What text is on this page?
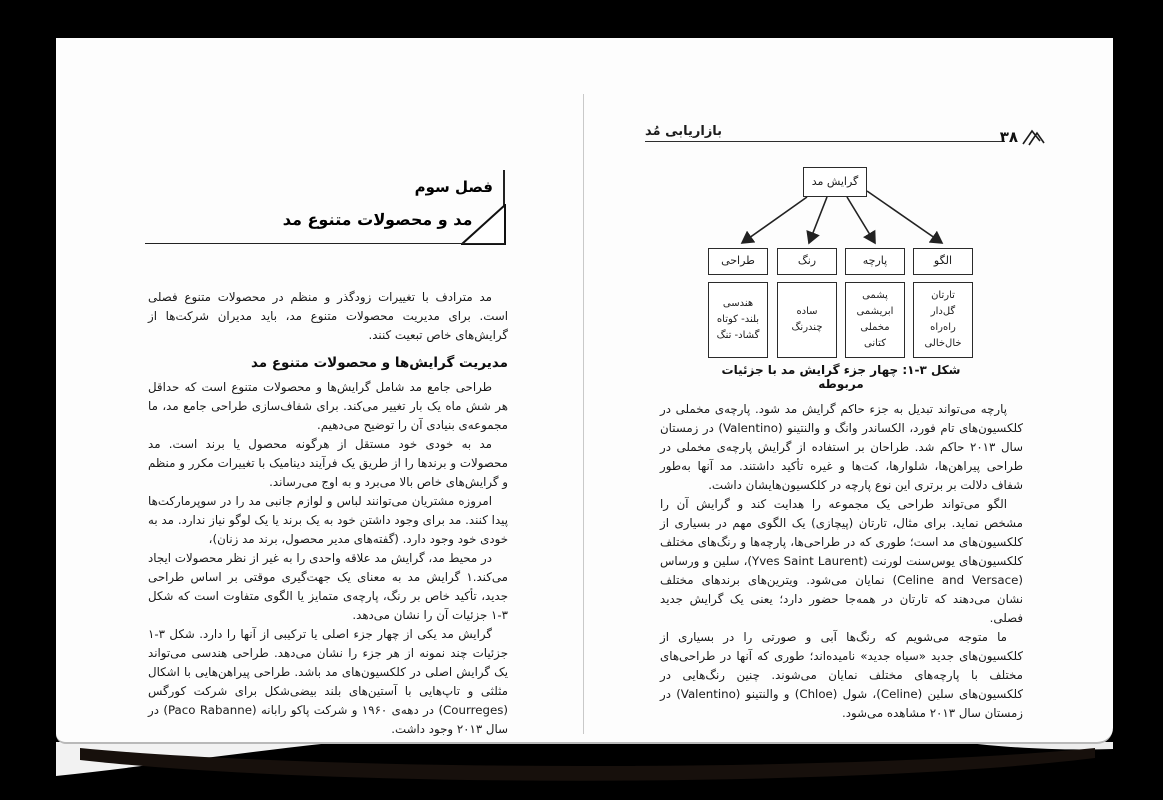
بازاریابی مُد	۳۸
گرایش مد
طراحی	رنگ	پارچه	الگو
هندسی
بلند- کوتاه
گشاد- تنگ
ساده
چندرنگ
پشمی
ابریشمی
مخملی
کتانی
تارتان
گل‌دار
راه‌راه
خال‌خالی
شکل ۳-۱: چهار جزء گرایش مد با جزئیات مربوطه

پارچه می‌تواند تبدیل به جزء حاکم گرایش مد شود. پارچه‌ی مخملی در کلکسیون‌های تام فورد، الکساندر وانگ و والنتینو (Valentino) در زمستان سال ۲۰۱۳ حاکم شد. طراحان بر استفاده از گرایش پارچه‌ی مخملی در طراحی پیراهن‌ها، شلوارها، کت‌ها و غیره تأکید داشتند. مد آنها به‌طور شفاف دلالت بر برتری این نوع پارچه در کلکسیون‌هایشان داشت.

الگو می‌تواند طراحی یک مجموعه را هدایت کند و گرایش آن را مشخص نماید. برای مثال، تارتان (پیچازی) یک الگوی مهم در بسیاری از کلکسیون‌های مد است؛ طوری که در طراحی‌ها، پارچه‌ها و رنگ‌های مختلف کلکسیون‌های یوس‌سنت لورنت (Yves Saint Laurent)، سلین و ورساس (Celine and Versace) نمایان می‌شود. ویترین‌های برندهای مختلف نشان می‌دهند که تارتان در همه‌جا حضور دارد؛ یعنی یک گرایش جدید فصلی.

ما متوجه می‌شویم که رنگ‌ها آبی و صورتی را در بسیاری از کلکسیون‌های جدید «سیاه جدید» نامیده‌اند؛ طوری که آنها در طراحی‌های مختلف با پارچه‌های مختلف نمایان می‌شوند. چنین رنگ‌هایی در کلکسیون‌های سلین (Celine)، شول (Chloe) و والنتینو (Valentino) در زمستان سال ۲۰۱۳ مشاهده می‌شود.

فصل سوم
مد و محصولات متنوع مد

مد مترادف با تغییرات زودگذر و منظم در محصولات متنوع فصلی است. برای مدیریت محصولات متنوع مد، باید مدیران شرکت‌ها از گرایش‌های خاص تبعیت کنند.

مدیریت گرایش‌ها و محصولات متنوع مد

طراحی جامع مد شامل گرایش‌ها و محصولات متنوع است که حداقل هر شش ماه یک بار تغییر می‌کند. برای شفاف‌سازی طراحی جامع مد، ما مجموعه‌ی بنیادی آن را توضیح می‌دهیم.

مد به خودی خود مستقل از هرگونه محصول یا برند است. مد محصولات و برندها را از طریق یک فرآیند دینامیک با تغییرات مکرر و منظم و گرایش‌های خاص بالا می‌برد و به اوج می‌رساند.

امروزه مشتریان می‌توانند لباس و لوازم جانبی مد را در سوپرمارکت‌ها پیدا کنند. مد برای وجود داشتن خود به یک برند یا یک لوگو نیاز ندارد. مد به خودی خود وجود دارد. (گفته‌های مدیر محصول، برند مد زنان)،

در محیط مد، گرایش مد علاقه واحدی را به غیر از نظر محصولات ایجاد می‌کند.۱ گرایش مد به معنای یک جهت‌گیری موقتی بر اساس طراحی جدید، تأکید خاص بر رنگ، پارچه‌ی متمایز یا الگوی متفاوت است که شکل ۳-۱ جزئیات آن را نشان می‌دهد.

گرایش مد یکی از چهار جزء اصلی یا ترکیبی از آنها را دارد. شکل ۳-۱ جزئیات چند نمونه از هر جزء را نشان می‌دهد. طراحی هندسی می‌تواند یک گرایش اصلی در کلکسیون‌های مد باشد. طراحی پیراهن‌هایی با اشکال مثلثی و تاپ‌هایی با آستین‌های بلند بیضی‌شکل برای شرکت کورگس (Courreges) در دهه‌ی ۱۹۶۰ و شرکت پاکو رابانه (Paco Rabanne) در سال ۲۰۱۳ وجود داشت.
